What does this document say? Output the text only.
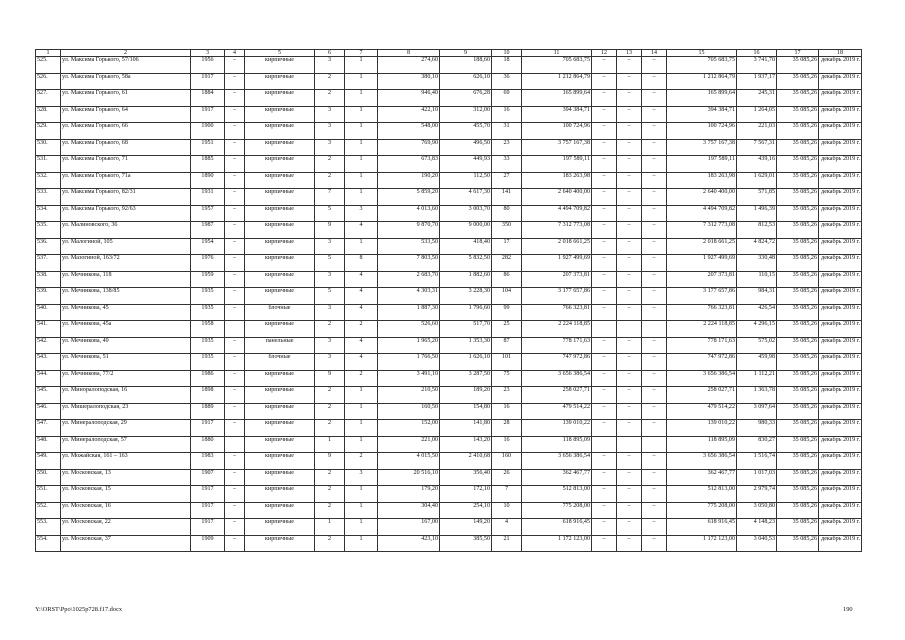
1	2	3	4	5	6	7	8	9	10	11	12	13	14	15	16	17	18
525.	ул. Максима Горького, 57/106	1956	–	кирпичные	3	1	274,60	188,60	18	705 683,75	–	–	–	705 683,75	3 741,70	35 085,26	декабрь 2019 г.

526.	ул. Максима Горького, 58а	1917	–	кирпичные	2	1	380,10	626,10	36	1 212 864,79	–	–	–	1 212 864,79	1 937,17	35 085,26	декабрь 2019 г.

527.	ул. Максима Горького, 61	1884	–	кирпичные	2	1	946,40	676,28	69	165 899,64	–	–	–	165 899,64	245,31	35 085,26	декабрь 2019 г.

528.	ул. Максима Горького, 64	1917	–	кирпичные	3	1	422,10	312,00	16	394 384,71	–	–	–	394 384,71	1 264,05	35 085,26	декабрь 2019 г.

529.	ул. Максима Горького, 66	1900	–	кирпичные	3	1	548,00	455,70	31	100 724,96	–	–	–	100 724,96	221,03	35 085,26	декабрь 2019 г.

530.	ул. Максима Горького, 68	1951	–	кирпичные	3	1	769,90	496,50	23	3 757 167,38	–	–	–	3 757 167,38	7 567,31	35 085,26	декабрь 2019 г.

531.	ул. Максима Горького, 71	1885	–	кирпичные	2	1	673,83	449,93	33	197 589,11	–	–	–	197 589,11	439,16	35 085,26	декабрь 2019 г.

532.	ул. Максима Горького, 71а	1890	–	кирпичные	2	1	190,20	112,50	27	183 263,98	–	–	–	183 263,98	1 629,01	35 085,26	декабрь 2019 г.

533.	ул. Максима Горького, 82/31	1931	–	кирпичные	7	1	5 859,20	4 617,30	141	2 640 400,00	–	–	–	2 640 400,00	571,85	35 085,26	декабрь 2019 г.

534.	ул. Максима Горького, 92/63	1957	–	кирпичные	5	3	4 013,60	3 003,70	80	4 494 709,82	–	–	–	4 494 709,82	1 496,39	35 085,26	декабрь 2019 г.

535.	ул. Малиновского, 36	1987	–	кирпичные	9	4	9 870,70	9 000,00	350	7 312 773,08	–	–	–	7 312 773,08	812,53	35 085,26	декабрь 2019 г.

536.	ул. Малогиной, 105	1954	–	кирпичные	3	1	533,50	418,40	17	2 018 661,25	–	–	–	2 018 661,25	4 824,72	35 085,26	декабрь 2019 г.

537.	ул. Мазогиной, 163/72	1976	–	кирпичные	5	8	7 803,50	5 832,50	282	1 927 499,69	–	–	–	1 927 499,69	330,48	35 085,26	декабрь 2019 г.

538.	ул. Мечникова, 118	1959	–	кирпичные	3	4	2 683,70	1 882,60	86	207 373,81	–	–	–	207 373,81	110,15	35 085,26	декабрь 2019 г.

539.	ул. Мечникова, 138/85	1935	–	кирпичные	5	4	4 303,31	3 228,30	104	3 177 657,86	–	–	–	3 177 657,86	984,31	35 085,26	декабрь 2019 г.

540.	ул. Мечникова, 45	1935	–	блочные	3	4	1 887,30	1 796,60	99	766 323,81	–	–	–	766 323,81	426,54	35 085,26	декабрь 2019 г.

541.	ул. Мечникова, 45а	1958		кирпичные	2	2	526,60	517,70	25	2 224 118,85				2 224 118,85	4 296,15	35 085,26	декабрь 2019 г.

542.	ул. Мечникова, 49	1935	–	панельные	3	4	1 965,20	1 353,30	87	778 171,63	–	–	–	778 171,63	575,02	35 085,26	декабрь 2019 г.

543.	ул. Мечникова, 51	1935	–	блочные	3	4	1 766,50	1 626,10	101	747 972,86	–	–	–	747 972,86	459,98	35 085,26	декабрь 2019 г.

544.	ул. Мечникова, 77/2	1986	–	кирпичные	9	2	3 491,10	3 287,50	75	3 656 386,54	–	–	–	3 656 386,54	1 112,21	35 085,26	декабрь 2019 г.

545.	ул. Миноралоподская, 16	1898	–	кирпичные	2	1	210,50	189,20	23	258 027,71	–	–	–	258 027,71	1 363,78	35 085,26	декабрь 2019 г.

546.	ул. Мишералоподская, 23	1889	–	кирпичные	2	1	160,50	154,80	16	479 514,22	–	–	–	479 514,22	3 097,64	35 085,26	декабрь 2019 г.

547.	ул. Минералоподская, 29	1917	–	кирпичные	2	1	152,00	141,80	28	139 010,22	–	–	–	139 010,22	980,33	35 085,26	декабрь 2019 г.

548.	ул. Минералоподская, 57	1880		кирпичные	1	1	221,00	143,20	16	118 895,09				118 895,09	830,27	35 085,26	декабрь 2019 г.

549.	ул. Можайская, 161 – 163	1983	–	кирпичные	9	2	4 015,50	2 410,68	160	3 656 386,54	–	–	–	3 656 386,54	1 516,74	35 085,26	декабрь 2019 г.

550.	ул. Московская, 13	1907	–	кирпичные	2	3	20 516,10	356,40	26	362 467,77	–	–	–	362 467,77	1 017,03	35 085,26	декабрь 2019 г.

551.	ул. Московская, 15	1917	–	кирпичные	2	1	179,20	172,10	7	512 813,00	–	–	–	512 813,00	2 979,74	35 085,26	декабрь 2019 г.

552.	ул. Московская, 16	1917	–	кирпичные	2	1	304,40	254,10	10	775 208,00	–	–	–	775 208,00	3 050,80	35 085,26	декабрь 2019 г.

553.	ул. Московская, 22	1917	–	кирпичные	1	1	167,00	149,20	4	618 916,45	–	–	–	618 916,45	4 148,23	35 085,26	декабрь 2019 г.

554.	ул. Московская, 37	1909	–	кирпичные	2	1	423,10	385,50	21	1 172 123,00	–	–	–	1 172 123,00	3 040,53	35 085,26	декабрь 2019 г.
Y:\ORST\Ppo\1025p728.f17.docx	190
